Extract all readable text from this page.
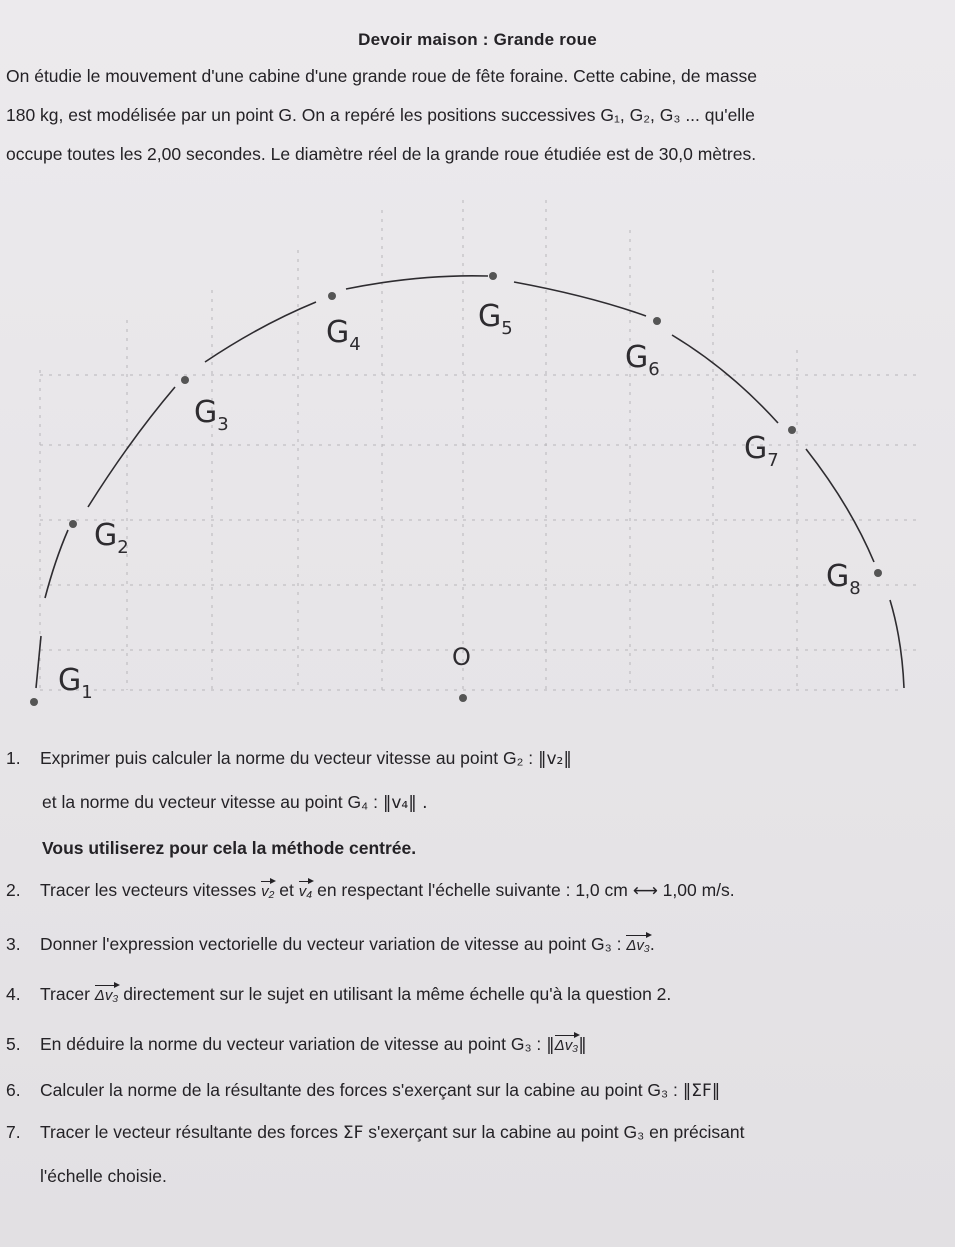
Devoir maison : Grande roue
On étudie le mouvement d'une cabine d'une grande roue de fête foraine. Cette cabine, de masse
180 kg, est modélisée par un point G. On a repéré les positions successives G₁, G₂, G₃ ... qu'elle
occupe toutes les 2,00 secondes. Le diamètre réel de la grande roue étudiée est de 30,0 mètres.
$G_1$
$G_2$
$G_3$
$G_4$
$G_5$
$G_6$
$G_7$
$G_8$
O
1. Exprimer puis calculer la norme du vecteur vitesse au point G₂ : ‖v₂‖
et la norme du vecteur vitesse au point G₄ : ‖v₄‖ .
Vous utiliserez pour cela la méthode centrée.
2. Tracer les vecteurs vitesses v₂ et v₄ en respectant l'échelle suivante : 1,0 cm ⟷ 1,00 m/s.
3. Donner l'expression vectorielle du vecteur variation de vitesse au point G₃ : Δv₃.
4. Tracer Δv₃ directement sur le sujet en utilisant la même échelle qu'à la question 2.
5. En déduire la norme du vecteur variation de vitesse au point G₃ : ‖Δv₃‖
6. Calculer la norme de la résultante des forces s'exerçant sur la cabine au point G₃ : ‖ΣF‖
7. Tracer le vecteur résultante des forces ΣF s'exerçant sur la cabine au point G₃ en précisant
l'échelle choisie.
